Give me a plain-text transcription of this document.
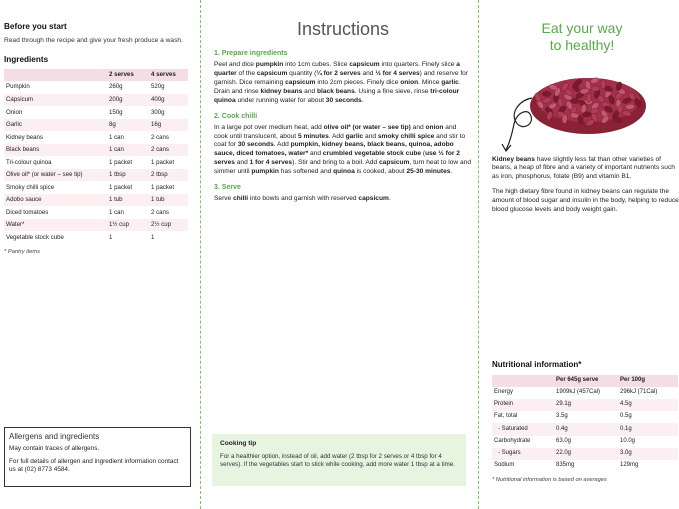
Before you start

Read through the recipe and give your fresh produce a wash.

Ingredients
	2 serves	4 serves
Pumpkin	260g	520g
Capsicum	200g	400g
Onion	150g	300g
Garlic	8g	16g
Kidney beans	1 can	2 cans
Black beans	1 can	2 cans
Tri-colour quinoa	1 packet	1 packet
Olive oil* (or water – see tip)	1 tbsp	2 tbsp
Smoky chilli spice	1 packet	1 packet
Adobo sauce	1 tub	1 tub
Diced tomatoes	1 can	2 cans
Water*	1½ cup	2½ cup
Vegetable stock cube	1	1

* Pantry items

Allergens and ingredients

May contain traces of allergens.

For full details of allergen and ingredient information contact us at (02) 8773 4584.

Instructions
1. Prepare ingredients

Peel and dice pumpkin into 1cm cubes. Slice capsicum into quarters. Finely slice a quarter of the capsicum quantity (¼ for 2 serves and ½ for 4 serves) and reserve for garnish. Dice remaining capsicum into 2cm pieces. Finely dice onion. Mince garlic. Drain and rinse kidney beans and black beans. Using a fine sieve, rinse tri-colour quinoa under running water for about 30 seconds.

2. Cook chilli

In a large pot over medium heat, add olive oil* (or water – see tip) and onion and cook until translucent, about 5 minutes. Add garlic and smoky chilli spice and stir to coat for 30 seconds. Add pumpkin, kidney beans, black beans, quinoa, adobo sauce, diced tomatoes, water* and crumbled vegetable stock cube (use ½ for 2 serves and 1 for 4 serves). Stir and bring to a boil. Add capsicum, turn heat to low and simmer until pumpkin has softened and quinoa is cooked, about 25-30 minutes.

3. Serve

Serve chilli into bowls and garnish with reserved capsicum.

Cooking tip

For a healthier option, instead of oil, add water (2 tbsp for 2 serves or 4 tbsp for 4 serves). If the vegetables start to stick while cooking, add more water 1 tbsp at a time.

Eat your way
to healthy!

Kidney beans have slightly less fat than other varieties of beans, a heap of fibre and a variety of important nutrients such as iron, phosphorus, folate (B9) and vitamin B1.

The high dietary fibre found in kidney beans can regulate the amount of blood sugar and insulin in the body, helping to reduce blood glucose levels and body weight gain.

Nutritional information*
	Per 645g serve	Per 100g
Energy	1909kJ (457Cal)	296kJ (71Cal)
Protein	29.1g	4.5g
Fat, total	3.5g	0.5g
- Saturated	0.4g	0.1g
Carbohydrate	63.0g	10.0g
- Sugars	22.0g	3.0g
Sodium	835mg	129mg
* Nutritional information is based on averages
